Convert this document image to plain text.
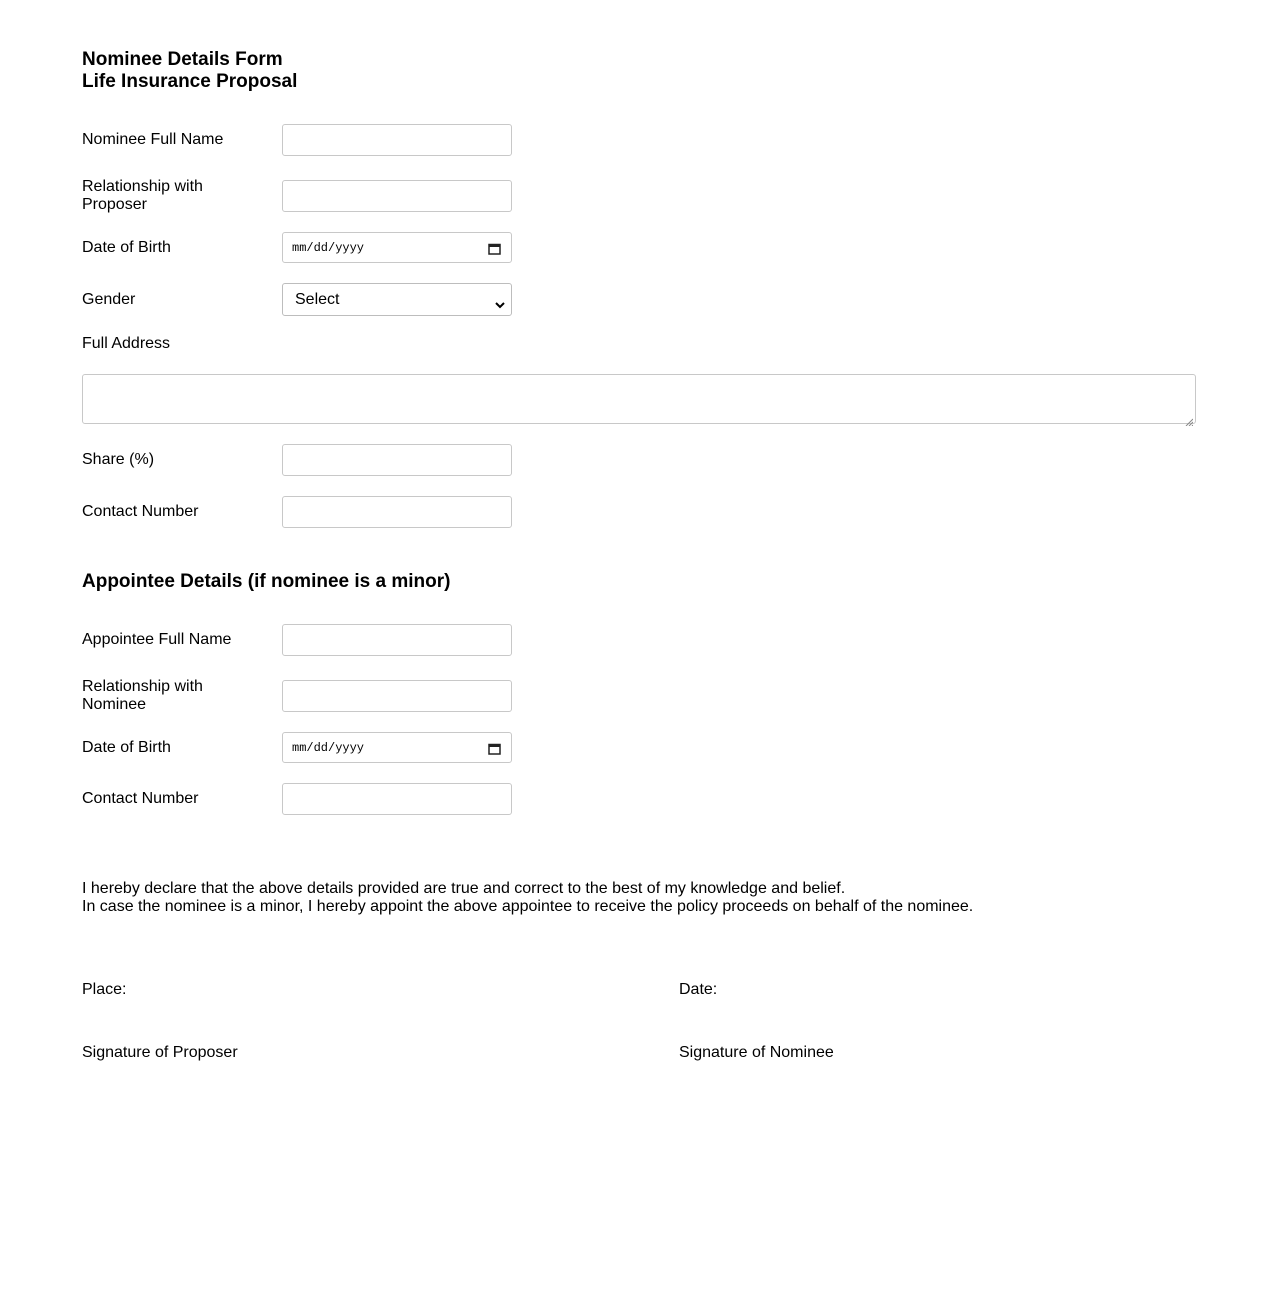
Nominee Details Form
Life Insurance Proposal
Nominee Full Name
Relationship with Proposer
Date of Birth	mm/dd/yyyy
Gender	Select
Full Address
Share (%)
Contact Number
Appointee Details (if nominee is a minor)
Appointee Full Name
Relationship with Nominee
Date of Birth	mm/dd/yyyy
Contact Number
I hereby declare that the above details provided are true and correct to the best of my knowledge and belief.
In case the nominee is a minor, I hereby appoint the above appointee to receive the policy proceeds on behalf of the nominee.
Place:	Date:
Signature of Proposer	Signature of Nominee
